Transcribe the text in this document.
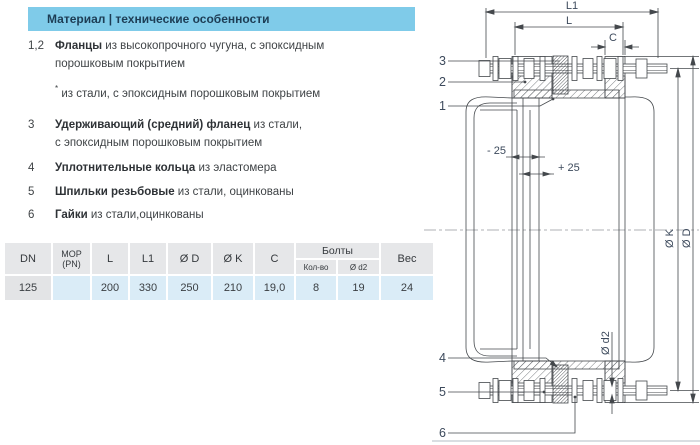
Материал | технические особенности
1,2 Фланцы из высокопрочного чугуна, с эпоксидным
порошковым покрытием
* из стали, с эпоксидным порошковым покрытием
3	Удерживающий (средний) фланец из стали,
с эпоксидным порошковым покрытием
4	Уплотнительные кольца из эластомера
5	Шпильки резьбовые из стали, оцинкованы
6	Гайки из стали,оцинкованы
DN	MOP
(PN)	L	L1	Ø D	Ø K	C	Болты		Вес
							Кол-во	Ø d2	
125		200	330	250	210	19,0	8	19	24
L1
L
C
- 25
+ 25
Ø K Ø D
Ø d2
3
2
1
4
5
6
